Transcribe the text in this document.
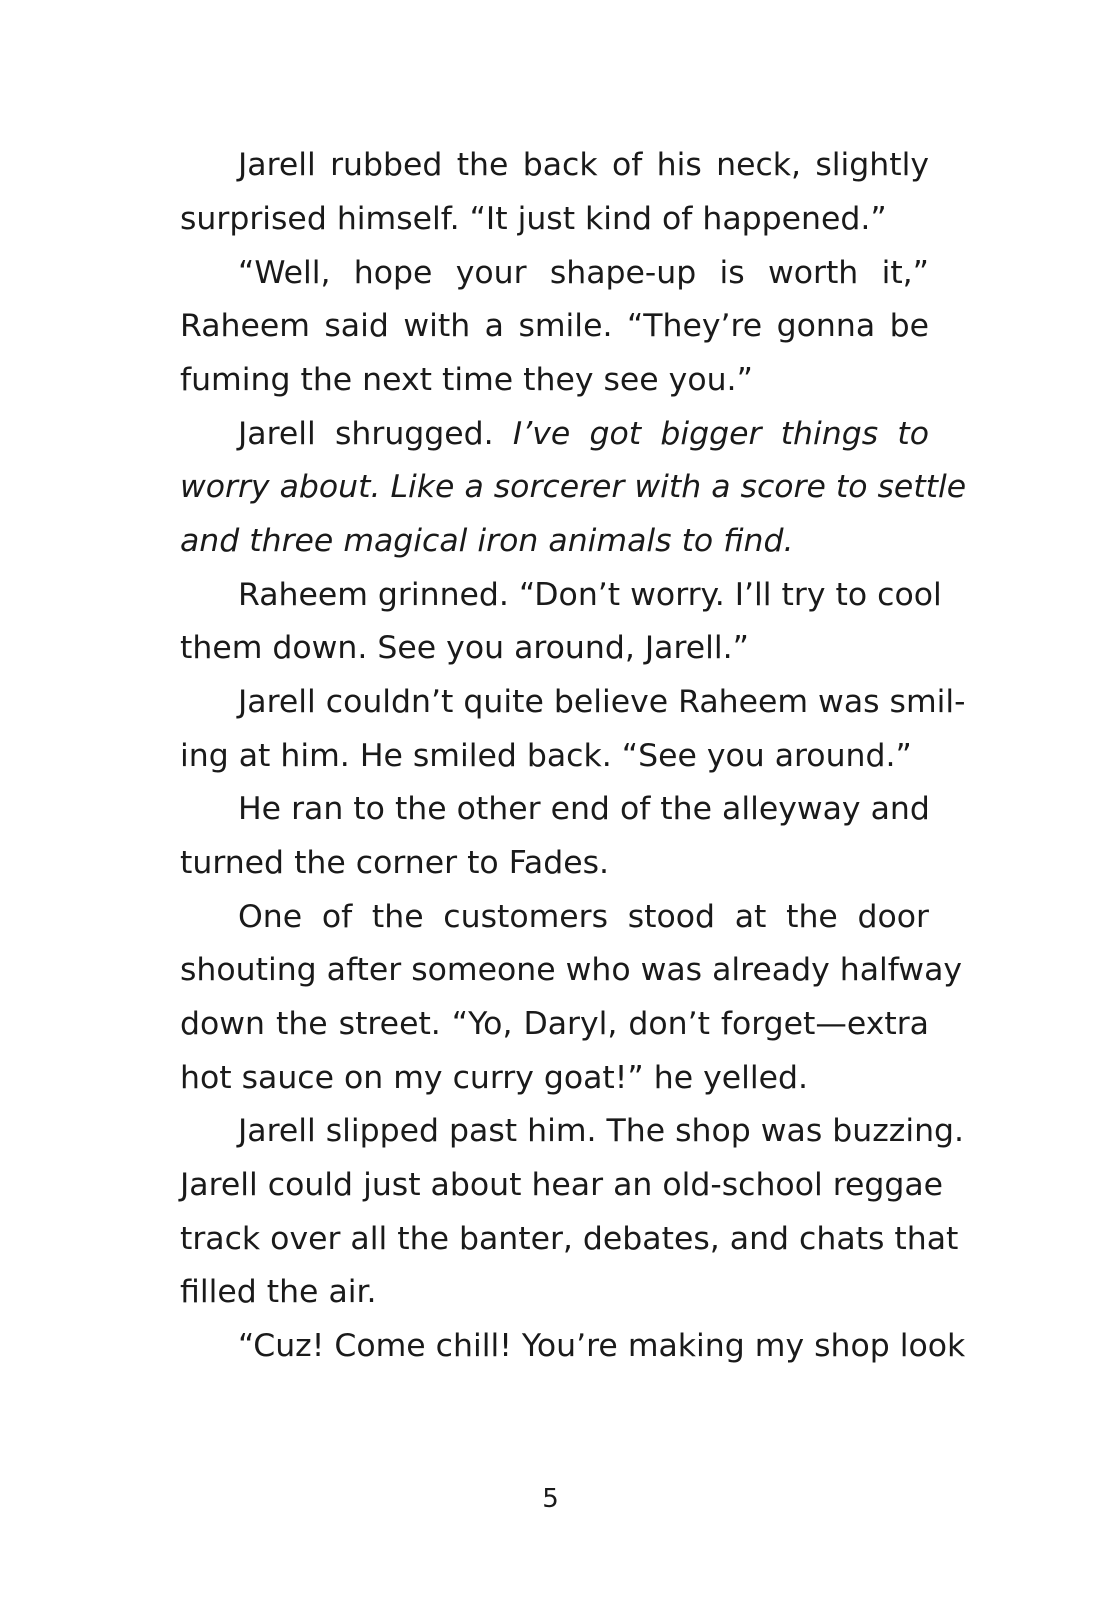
Jarell rubbed the back of his neck, slightly
surprised himself. “It just kind of happened.”
“Well, hope your shape-up is worth it,”
Raheem said with a smile. “They’re gonna be
fuming the next time they see you.”
Jarell shrugged. I’ve got bigger things to
worry about. Like a sorcerer with a score to settle
and three magical iron animals to find.
Raheem grinned. “Don’t worry. I’ll try to cool
them down. See you around, Jarell.”
Jarell couldn’t quite believe Raheem was smil-
ing at him. He smiled back. “See you around.”
He ran to the other end of the alleyway and
turned the corner to Fades.
One of the customers stood at the door
shouting after someone who was already halfway
down the street. “Yo, Daryl, don’t forget—extra
hot sauce on my curry goat!” he yelled.
Jarell slipped past him. The shop was buzzing.
Jarell could just about hear an old-school reggae
track over all the banter, debates, and chats that
filled the air.
“Cuz! Come chill! You’re making my shop look
5
